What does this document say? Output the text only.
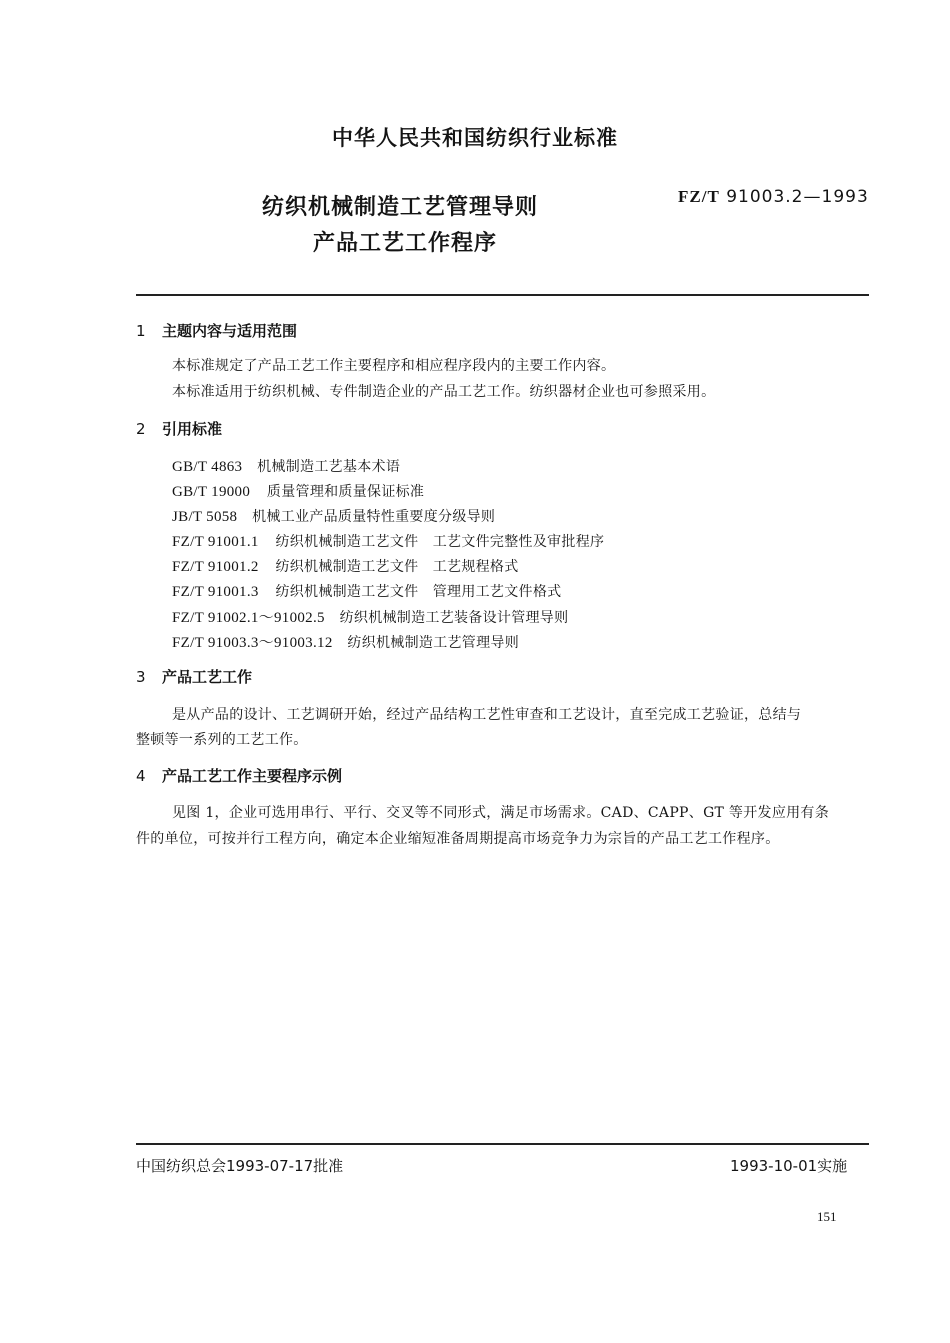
中华人民共和国纺织行业标准
纺织机械制造工艺管理导则
产品工艺工作程序
FZ/T 91003.2—1993
1 主题内容与适用范围
本标准规定了产品工艺工作主要程序和相应程序段内的主要工作内容。
本标准适用于纺织机械、专件制造企业的产品工艺工作。纺织器材企业也可参照采用。
2 引用标准
GB/T 4863 机械制造工艺基本术语
GB/T 19000 质量管理和质量保证标准
JB/T 5058 机械工业产品质量特性重要度分级导则
FZ/T 91001.1 纺织机械制造工艺文件　工艺文件完整性及审批程序
FZ/T 91001.2 纺织机械制造工艺文件　工艺规程格式
FZ/T 91001.3 纺织机械制造工艺文件　管理用工艺文件格式
FZ/T 91002.1～91002.5 纺织机械制造工艺装备设计管理导则
FZ/T 91003.3～91003.12 纺织机械制造工艺管理导则
3 产品工艺工作
是从产品的设计、工艺调研开始，经过产品结构工艺性审查和工艺设计，直至完成工艺验证，总结与
整顿等一系列的工艺工作。
4 产品工艺工作主要程序示例
见图 1，企业可选用串行、平行、交叉等不同形式，满足市场需求。CAD、CAPP、GT 等开发应用有条
件的单位，可按并行工程方向，确定本企业缩短准备周期提高市场竞争力为宗旨的产品工艺工作程序。
中国纺织总会1993-07-17批准	1993-10-01实施
151
